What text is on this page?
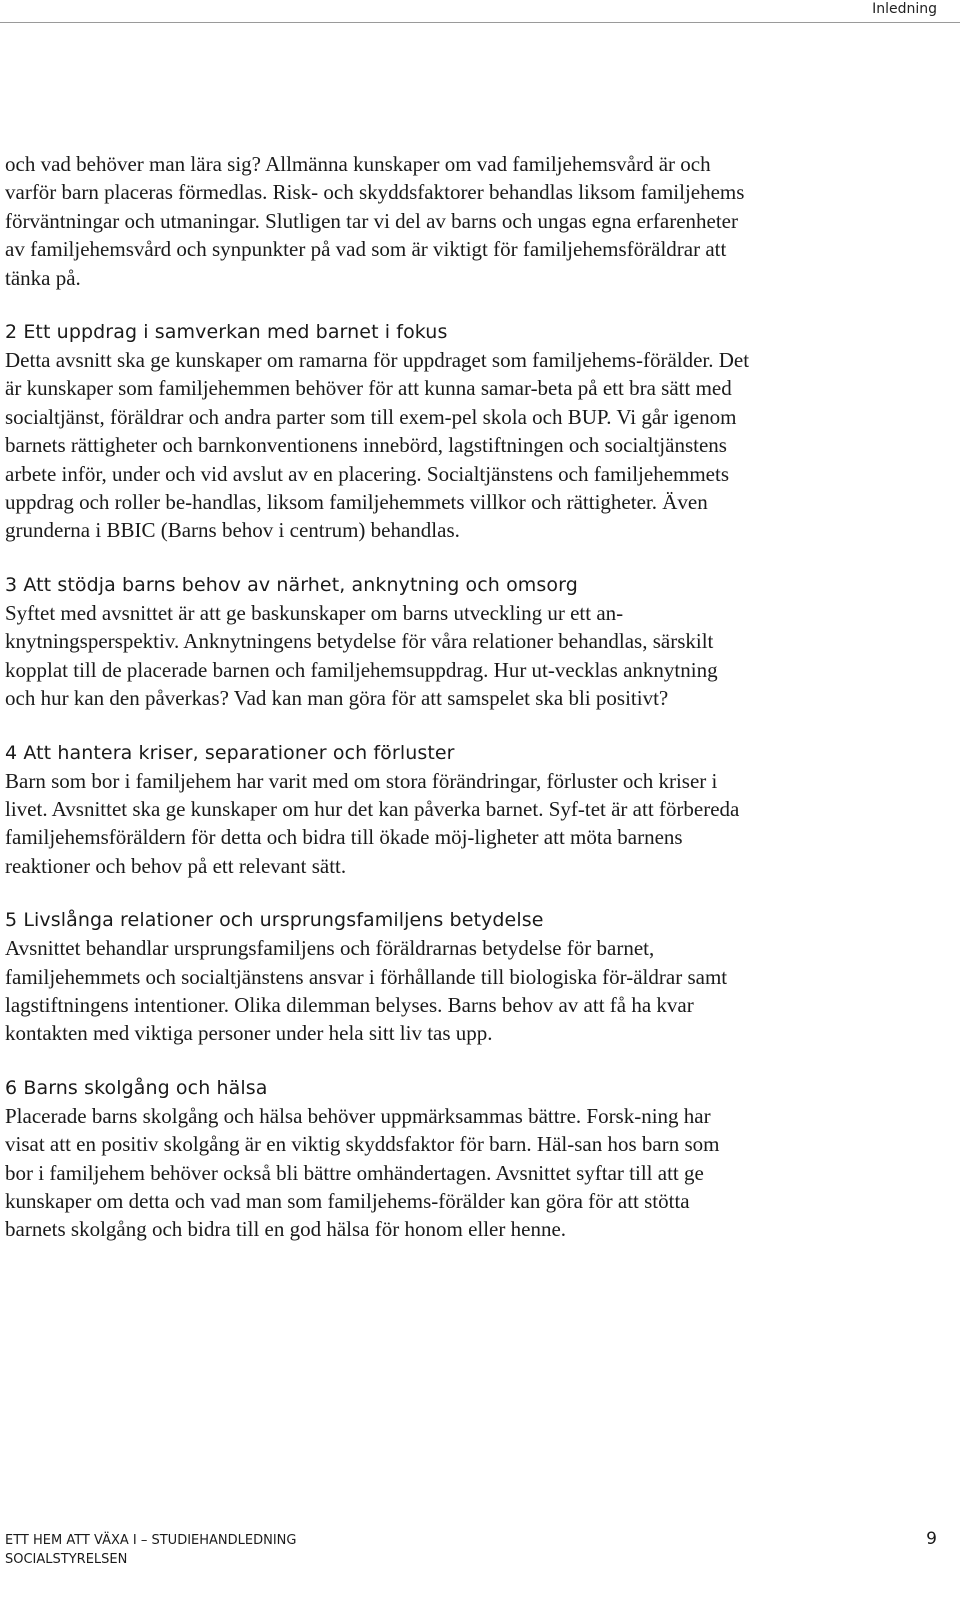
Inledning

och vad behöver man lära sig? Allmänna kunskaper om vad familjehemsvård är och varför barn placeras förmedlas. Risk- och skyddsfaktorer behandlas liksom familjehems förväntningar och utmaningar. Slutligen tar vi del av barns och ungas egna erfarenheter av familjehemsvård och synpunkter på vad som är viktigt för familjehemsföräldrar att tänka på.

2 Ett uppdrag i samverkan med barnet i fokus

Detta avsnitt ska ge kunskaper om ramarna för uppdraget som familjehems-förälder. Det är kunskaper som familjehemmen behöver för att kunna samar-beta på ett bra sätt med socialtjänst, föräldrar och andra parter som till exem-pel skola och BUP. Vi går igenom barnets rättigheter och barnkonventionens innebörd, lagstiftningen och socialtjänstens arbete inför, under och vid avslut av en placering. Socialtjänstens och familjehemmets uppdrag och roller be-handlas, liksom familjehemmets villkor och rättigheter. Även grunderna i BBIC (Barns behov i centrum) behandlas.

3 Att stödja barns behov av närhet, anknytning och omsorg

Syftet med avsnittet är att ge baskunskaper om barns utveckling ur ett an-knytningsperspektiv. Anknytningens betydelse för våra relationer behandlas, särskilt kopplat till de placerade barnen och familjehemsuppdrag. Hur ut-vecklas anknytning och hur kan den påverkas? Vad kan man göra för att samspelet ska bli positivt?

4 Att hantera kriser, separationer och förluster

Barn som bor i familjehem har varit med om stora förändringar, förluster och kriser i livet. Avsnittet ska ge kunskaper om hur det kan påverka barnet. Syf-tet är att förbereda familjehemsföräldern för detta och bidra till ökade möj-ligheter att möta barnens reaktioner och behov på ett relevant sätt.

5 Livslånga relationer och ursprungsfamiljens betydelse

Avsnittet behandlar ursprungsfamiljens och föräldrarnas betydelse för barnet, familjehemmets och socialtjänstens ansvar i förhållande till biologiska för-äldrar samt lagstiftningens intentioner. Olika dilemman belyses. Barns behov av att få ha kvar kontakten med viktiga personer under hela sitt liv tas upp.

6 Barns skolgång och hälsa

Placerade barns skolgång och hälsa behöver uppmärksammas bättre. Forsk-ning har visat att en positiv skolgång är en viktig skyddsfaktor för barn. Häl-san hos barn som bor i familjehem behöver också bli bättre omhändertagen. Avsnittet syftar till att ge kunskaper om detta och vad man som familjehems-förälder kan göra för att stötta barnets skolgång och bidra till en god hälsa för honom eller henne.

ETT HEM ATT VÄXA I – STUDIEHANDLEDNING
SOCIALSTYRELSEN
9
